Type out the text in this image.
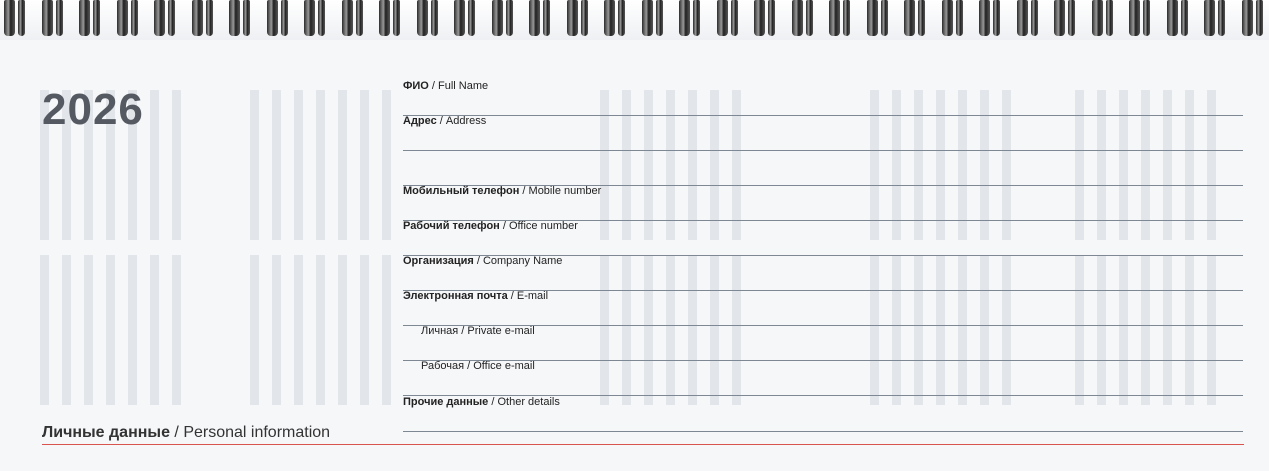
2026	ФИО / Full Name
Адрес / Address
Мобильный телефон / Mobile number
Рабочий телефон / Office number
Организация / Company Name
Электронная почта / E-mail
Личная / Private e-mail
Рабочая / Office e-mail
Прочие данные / Other details
Личные данные / Personal information
